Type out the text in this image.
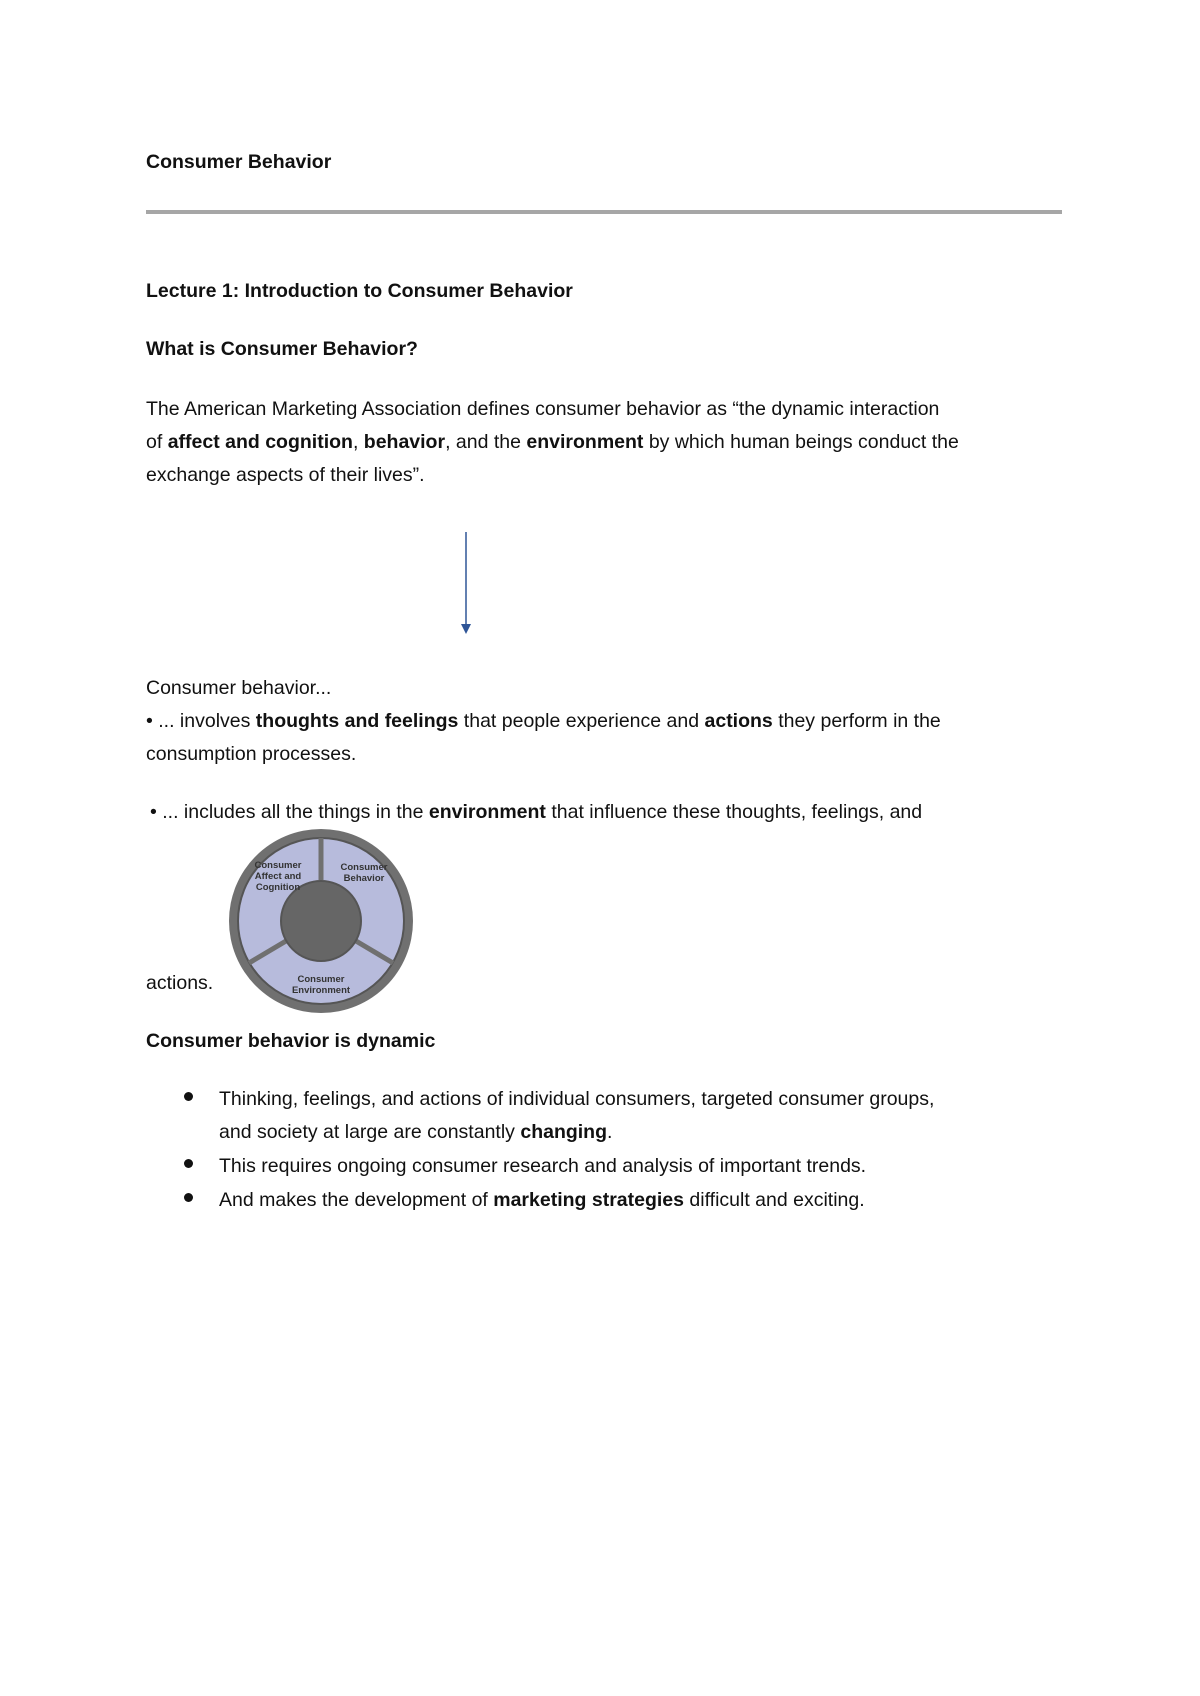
Consumer Behavior
Lecture 1: Introduction to Consumer Behavior
What is Consumer Behavior?
The American Marketing Association defines consumer behavior as “the dynamic interaction
of affect and cognition, behavior, and the environment by which human beings conduct the
exchange aspects of their lives”.
Consumer behavior...
• ... involves thoughts and feelings that people experience and actions they perform in the
consumption processes.
• ... includes all the things in the environment that influence these thoughts, feelings, and
Consumer Affect and Cognition
Consumer Behavior
Consumer Environment
actions.
Consumer behavior is dynamic
Thinking, feelings, and actions of individual consumers, targeted consumer groups,
and society at large are constantly changing.
This requires ongoing consumer research and analysis of important trends.
And makes the development of marketing strategies difficult and exciting.
